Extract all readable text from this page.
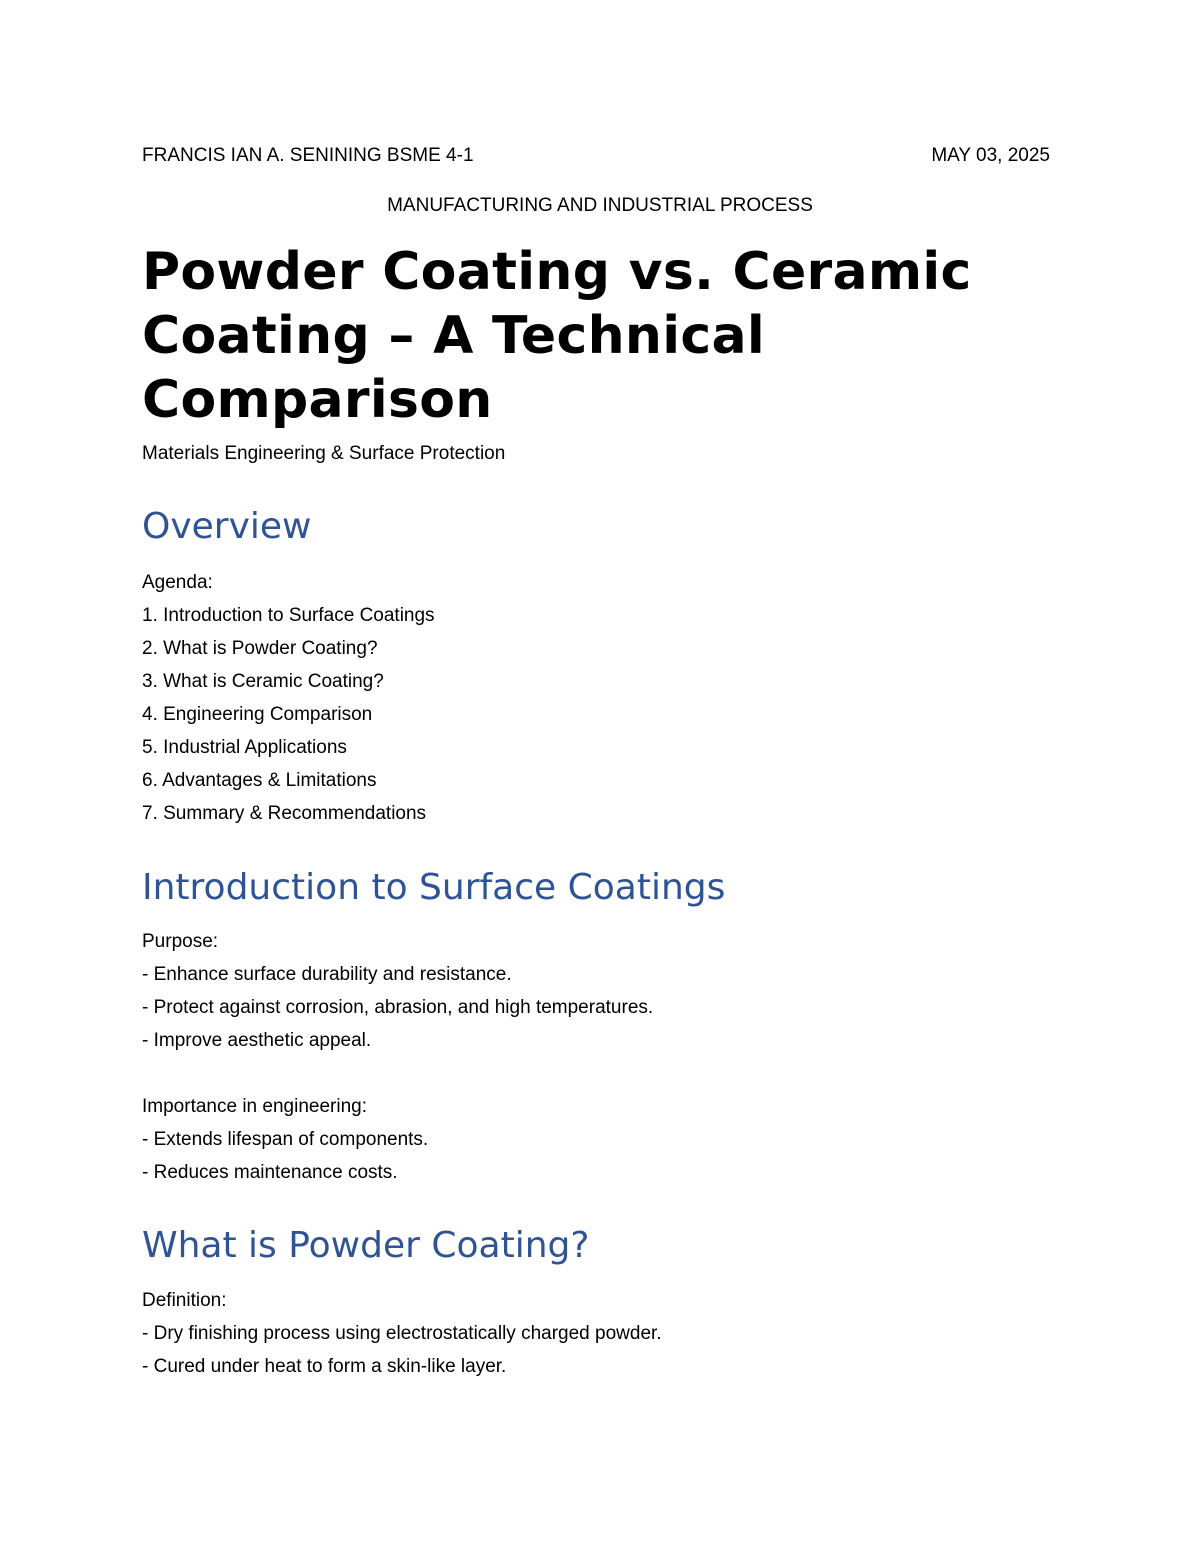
FRANCIS IAN A. SENINING BSME 4-1	MAY 03, 2025
MANUFACTURING AND INDUSTRIAL PROCESS
Powder Coating vs. Ceramic Coating – A Technical Comparison
Materials Engineering & Surface Protection
Overview
Agenda:
1. Introduction to Surface Coatings
2. What is Powder Coating?
3. What is Ceramic Coating?
4. Engineering Comparison
5. Industrial Applications
6. Advantages & Limitations
7. Summary & Recommendations
Introduction to Surface Coatings
Purpose:
- Enhance surface durability and resistance.
- Protect against corrosion, abrasion, and high temperatures.
- Improve aesthetic appeal.
Importance in engineering:
- Extends lifespan of components.
- Reduces maintenance costs.
What is Powder Coating?
Definition:
- Dry finishing process using electrostatically charged powder.
- Cured under heat to form a skin-like layer.
